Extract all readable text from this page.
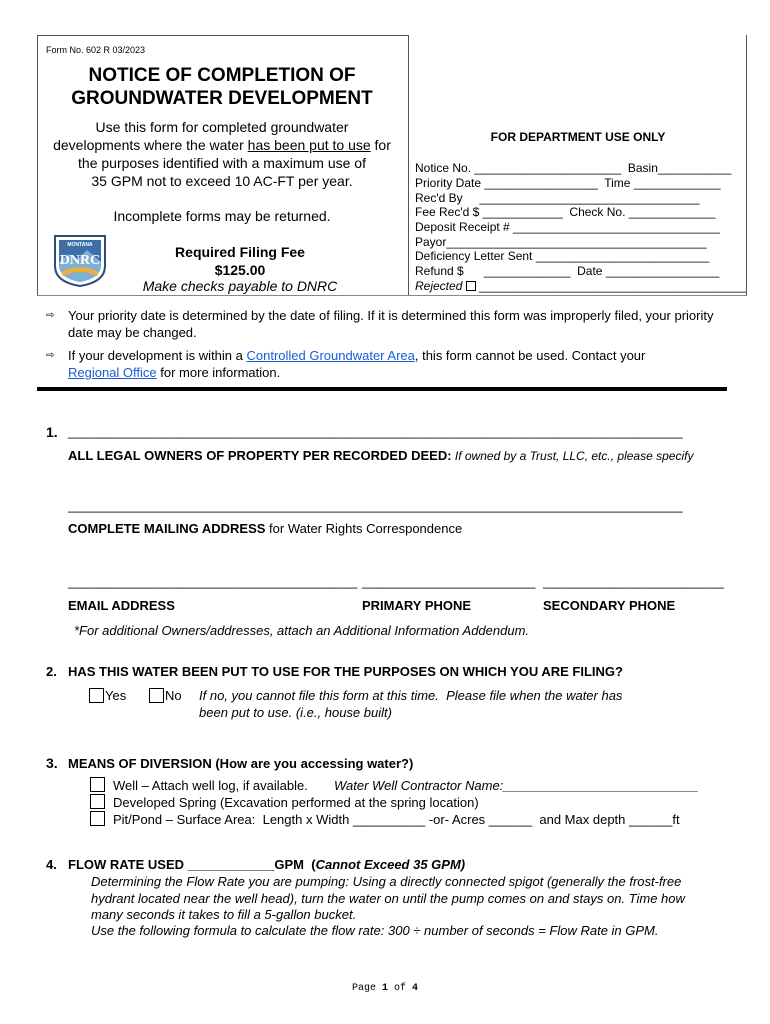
Form No. 602 R 03/2023
NOTICE OF COMPLETION OF
GROUNDWATER DEVELOPMENT
Use this form for completed groundwater
developments where the water has been put to use for
the purposes identified with a maximum use of
35 GPM not to exceed 10 AC-FT per year.
Incomplete forms may be returned.
MONTANA
DNRC
Required Filing Fee
$125.00
Make checks payable to DNRC
FOR DEPARTMENT USE ONLY
Notice No. ______________________  Basin___________
Priority Date _________________  Time _____________
Rec'd By     _________________________________
Fee Rec'd $ ____________  Check No. _____________
Deposit Receipt # _______________________________
Payor_______________________________________
Deficiency Letter Sent __________________________
Refund $      _____________  Date _________________
Rejected  ________________________________________
⇨ Your priority date is determined by the date of filing. If it is determined this form was improperly filed, your priority date may be changed.
⇨ If your development is within a Controlled Groundwater Area, this form cannot be used. Contact your
Regional Office for more information.
1. _____________________________________________________________________________________
ALL LEGAL OWNERS OF PROPERTY PER RECORDED DEED: If owned by a Trust, LLC, etc., please specify
_____________________________________________________________________________________
COMPLETE MAILING ADDRESS for Water Rights Correspondence
________________________________________ ________________________ _________________________
EMAIL ADDRESS	PRIMARY PHONE	SECONDARY PHONE
*For additional Owners/addresses, attach an Additional Information Addendum.
2. HAS THIS WATER BEEN PUT TO USE FOR THE PURPOSES ON WHICH YOU ARE FILING?
Yes	No If no, you cannot file this form at this time.  Please file when the water has
been put to use. (i.e., house built)
3. MEANS OF DIVERSION (How are you accessing water?)
Well – Attach well log, if available. Water Well Contractor Name:___________________________
Developed Spring (Excavation performed at the spring location)
Pit/Pond – Surface Area:  Length x Width __________ -or- Acres ______  and Max depth ______ft
4. FLOW RATE USED ____________GPM  (Cannot Exceed 35 GPM)
Determining the Flow Rate you are pumping: Using a directly connected spigot (generally the frost-free
hydrant located near the well head), turn the water on until the pump comes on and stays on. Time how
many seconds it takes to fill a 5-gallon bucket.
Use the following formula to calculate the flow rate: 300 ÷ number of seconds = Flow Rate in GPM.
Page 1 of 4
